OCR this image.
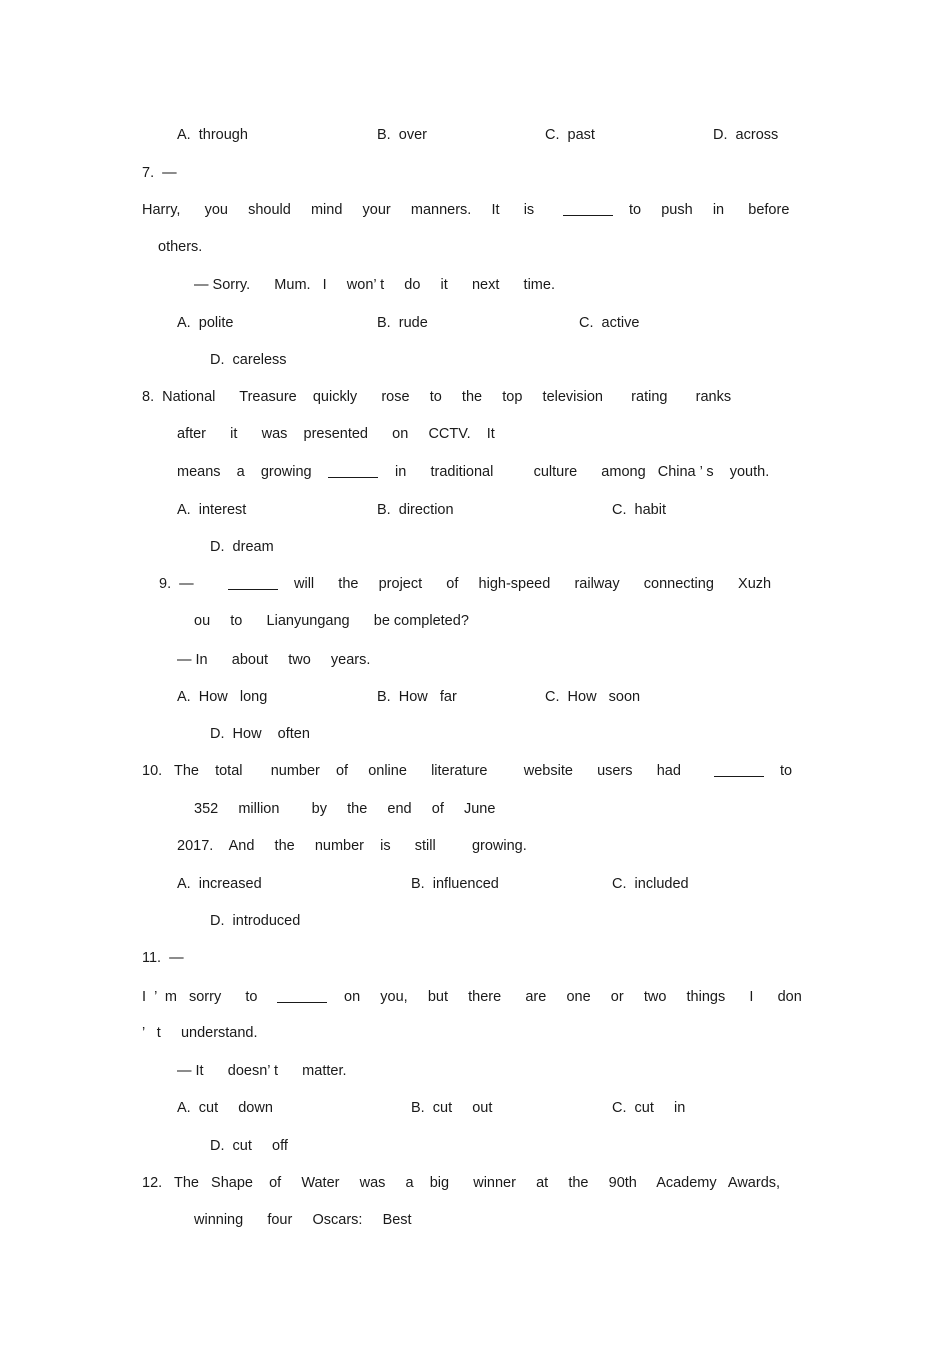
A.  through	B.  over	C.  past	D.  across
7.  —
Harry,      you     should     mind     your     manners.     It      is	to     push     in      before
others.
— Sorry.      Mum.   I     won’ t     do     it      next      time.
A.  polite	B.  rude	C.  active
D.  careless
8.  National      Treasure    quickly      rose     to     the     top     television       rating       ranks
after      it      was    presented      on     CCTV.    It
means    a    growing	in      traditional          culture      among   China ’ s    youth.
A.  interest	B.  direction	C.  habit
D.  dream
9.  —	will      the     project      of     high-speed      railway      connecting      Xuzh
ou     to      Lianyungang      be completed?
— In      about     two     years.
A.  How   long	B.  How   far	C.  How   soon
D.  How    often
10.   The    total       number    of     online      literature         website      users      had	to
352     million        by     the     end     of     June
2017.    And     the     number    is      still         growing.
A.  increased	B.  influenced	C.  included
D.  introduced
11.  —
I  ’  m   sorry      to	on     you,     but     there      are     one     or     two     things      I      don
’   t     understand.
— It      doesn’ t      matter.
A.  cut     down	B.  cut     out	C.  cut     in
D.  cut     off
12.   The   Shape    of     Water     was     a    big      winner     at     the     90th     Academy   Awards,
winning      four     Oscars:     Best
